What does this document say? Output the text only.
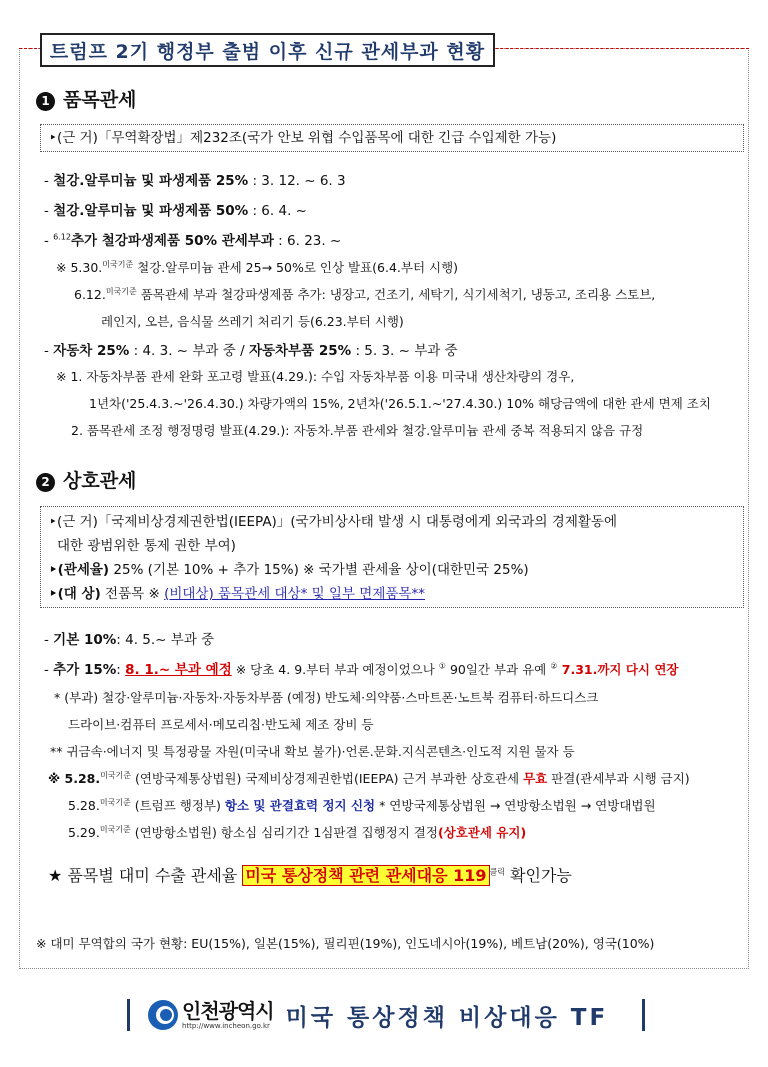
트럼프 2기 행정부 출범 이후 신규 관세부과 현황
1 품목관세
‣(근 거)「무역확장법」제232조(국가 안보 위협 수입품목에 대한 긴급 수입제한 가능)
- 철강.알루미늄 및 파생제품 25% : 3. 12. ~ 6. 3
- 철강.알루미늄 및 파생제품 50% : 6. 4. ~
- $^{6.12}$추가 철강파생제품 50% 관세부과 : 6. 23. ~
※ 5.30.$^{미국기준}$ 철강.알루미늄 관세 25→ 50%로 인상 발표(6.4.부터 시행)
6.12.$^{미국기준}$ 품목관세 부과 철강파생제품 추가: 냉장고, 건조기, 세탁기, 식기세척기, 냉동고, 조리용 스토브,
레인지, 오븐, 음식물 쓰레기 처리기 등(6.23.부터 시행)
- 자동차 25% : 4. 3. ~ 부과 중 / 자동차부품 25% : 5. 3. ~ 부과 중
※ 1. 자동차부품 관세 완화 포고령 발표(4.29.): 수입 자동차부품 이용 미국내 생산차량의 경우,
1년차('25.4.3.~'26.4.30.) 차량가액의 15%, 2년차('26.5.1.~'27.4.30.) 10% 해당금액에 대한 관세 면제 조치
2. 품목관세 조정 행정명령 발표(4.29.): 자동차.부품 관세와 철강.알루미늄 관세 중복 적용되지 않음 규정
2 상호관세
‣(근 거)「국제비상경제권한법(IEEPA)」(국가비상사태 발생 시 대통령에게 외국과의 경제활동에
대한 광범위한 통제 권한 부여)
‣(관세율) 25% (기본 10% + 추가 15%) ※ 국가별 관세율 상이(대한민국 25%)
‣(대 상) 전품목 ※ (비대상) 품목관세 대상* 및 일부 면제품목**
- 기본 10%: 4. 5.~ 부과 중
- 추가 15%: 8. 1.~ 부과 예정 ※ 당초 4. 9.부터 부과 예정이었으나 ① 90일간 부과 유예 ② 7.31.까지 다시 연장
* (부과) 철강·알루미늄·자동차·자동차부품 (예정) 반도체·의약품·스마트폰·노트북 컴퓨터·하드디스크
드라이브·컴퓨터 프로세서·메모리칩·반도체 제조 장비 등
** 귀금속·에너지 및 특정광물 자원(미국내 확보 불가)·언론.문화.지식콘텐츠·인도적 지원 물자 등
※ 5.28.$^{미국기준}$ (연방국제통상법원) 국제비상경제권한법(IEEPA) 근거 부과한 상호관세 무효 판결(관세부과 시행 금지)
5.28.$^{미국기준}$ (트럼프 행정부) 항소 및 관결효력 정지 신청 * 연방국제통상법원 → 연방항소법원 → 연방대법원
5.29.$^{미국기준}$ (연방항소법원) 항소심 심리기간 1심판결 집행정지 결정(상호관세 유지)
★ 품목별 대미 수출 관세율 미국 통상정책 관련 관세대응 119 $^{클릭}$ 확인가능
※ 대미 무역합의 국가 현황: EU(15%), 일본(15%), 필리핀(19%), 인도네시아(19%), 베트남(20%), 영국(10%)
인천광역시
http://www.incheon.go.kr 미국 통상정책 비상대응 TF
